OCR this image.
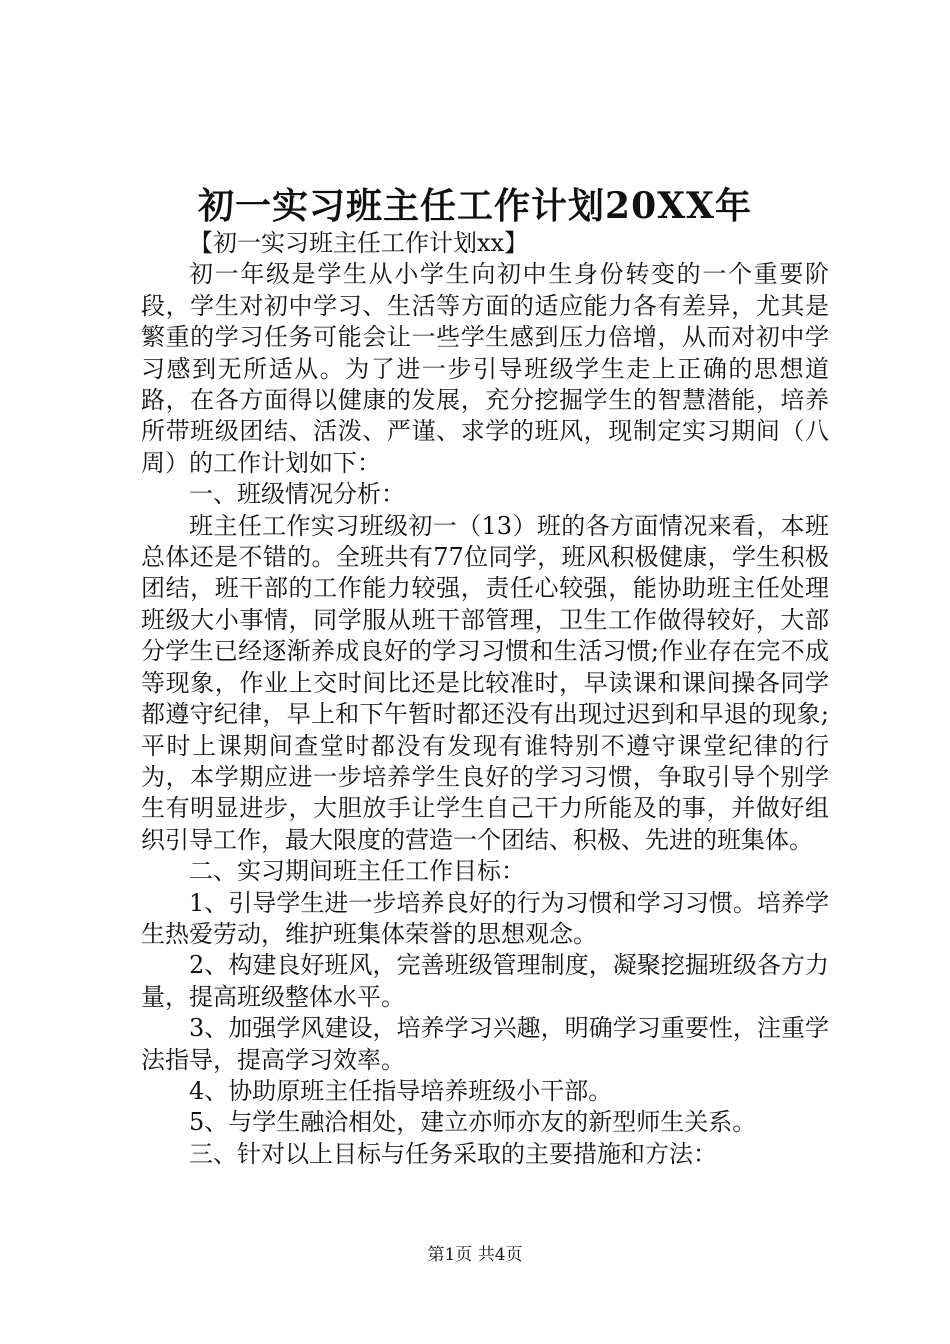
初一实习班主任工作计划20XX年

【初一实习班主任工作计划xx】

初一年级是学生从小学生向初中生身份转变的一个重要阶段，学生对初中学习、生活等方面的适应能力各有差异，尤其是繁重的学习任务可能会让一些学生感到压力倍增，从而对初中学习感到无所适从。为了进一步引导班级学生走上正确的思想道路，在各方面得以健康的发展，充分挖掘学生的智慧潜能，培养所带班级团结、活泼、严谨、求学的班风，现制定实习期间（八周）的工作计划如下：

一、班级情况分析：

班主任工作实习班级初一（13）班的各方面情况来看，本班总体还是不错的。全班共有77位同学，班风积极健康，学生积极团结，班干部的工作能力较强，责任心较强，能协助班主任处理班级大小事情，同学服从班干部管理，卫生工作做得较好，大部分学生已经逐渐养成良好的学习习惯和生活习惯;作业存在完不成等现象，作业上交时间比还是比较准时，早读课和课间操各同学都遵守纪律，早上和下午暂时都还没有出现过迟到和早退的现象;平时上课期间查堂时都没有发现有谁特别不遵守课堂纪律的行为，本学期应进一步培养学生良好的学习习惯，争取引导个别学生有明显进步，大胆放手让学生自己干力所能及的事，并做好组织引导工作，最大限度的营造一个团结、积极、先进的班集体。

二、实习期间班主任工作目标：

1、引导学生进一步培养良好的行为习惯和学习习惯。培养学生热爱劳动，维护班集体荣誉的思想观念。

2、构建良好班风，完善班级管理制度，凝聚挖掘班级各方力量，提高班级整体水平。

3、加强学风建设，培养学习兴趣，明确学习重要性，注重学法指导，提高学习效率。

4、协助原班主任指导培养班级小干部。

5、与学生融洽相处，建立亦师亦友的新型师生关系。

三、针对以上目标与任务采取的主要措施和方法：

第1页 共4页
